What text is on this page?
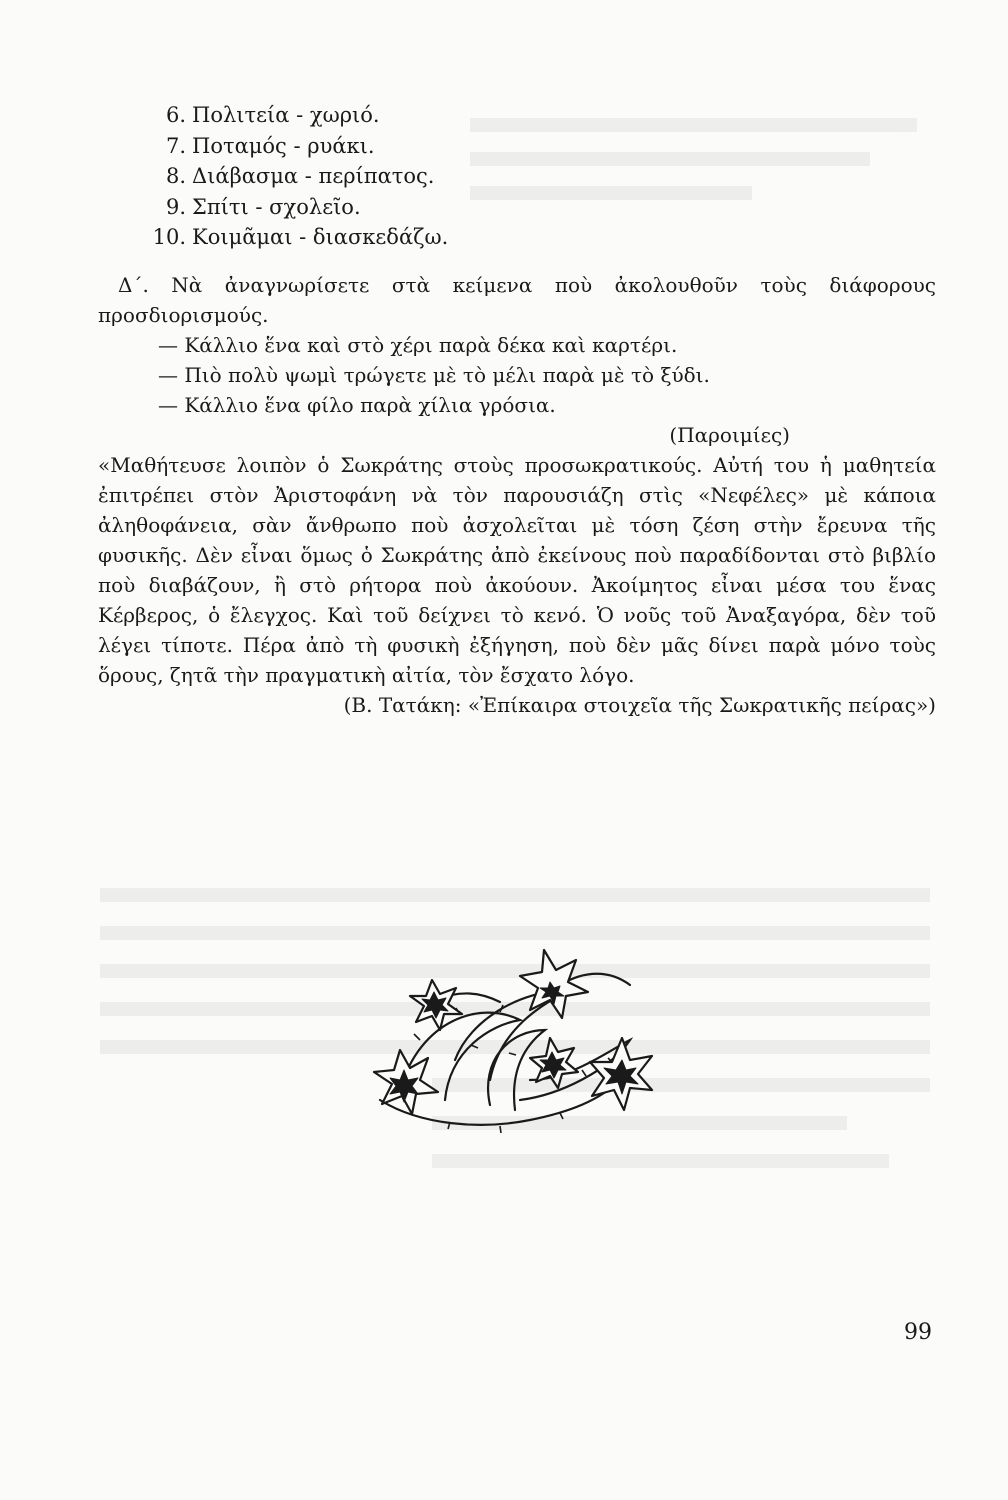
6. Πολιτεία - χωριό.
7. Ποταμός - ρυάκι.
8. Διάβασμα - περίπατος.
9. Σπίτι - σχολεῖο.
10. Κοιμᾶμαι - διασκεδάζω.

Δ΄. Νὰ ἀναγνωρίσετε στὰ κείμενα ποὺ ἀκολουθοῦν τοὺς διάφορους προσδιορισμούς.

— Κάλλιο ἕνα καὶ στὸ χέρι παρὰ δέκα καὶ καρτέρι.

— Πιὸ πολὺ ψωμὶ τρώγετε μὲ τὸ μέλι παρὰ μὲ τὸ ξύδι.

— Κάλλιο ἕνα φίλο παρὰ χίλια γρόσια.

(Παροιμίες)

«Μαθήτευσε λοιπὸν ὁ Σωκράτης στοὺς προσωκρατικούς. Αὐτή του ἡ μαθητεία ἐπιτρέπει στὸν Ἀριστοφάνη νὰ τὸν παρουσιάζη στὶς «Νεφέλες» μὲ κάποια ἀληθοφάνεια, σὰν ἄνθρωπο ποὺ ἀσχολεῖται μὲ τόση ζέση στὴν ἔρευνα τῆς φυσικῆς. Δὲν εἶναι ὅμως ὁ Σωκράτης ἀπὸ ἐκείνους ποὺ παραδίδονται στὸ βιβλίο ποὺ διαβάζουν, ἢ στὸ ρήτορα ποὺ ἀκούουν. Ἀκοίμητος εἶναι μέσα του ἕνας Κέρβερος, ὁ ἔλεγχος. Καὶ τοῦ δείχνει τὸ κενό. Ὁ νοῦς τοῦ Ἀναξαγόρα, δὲν τοῦ λέγει τίποτε. Πέρα ἀπὸ τὴ φυσικὴ ἐξήγηση, ποὺ δὲν μᾶς δίνει παρὰ μόνο τοὺς ὅρους, ζητᾶ τὴν πραγματικὴ αἰτία, τὸν ἔσχατο λόγο.

(Β. Τατάκη: «Ἐπίκαιρα στοιχεῖα τῆς Σωκρατικῆς πείρας»)

99
